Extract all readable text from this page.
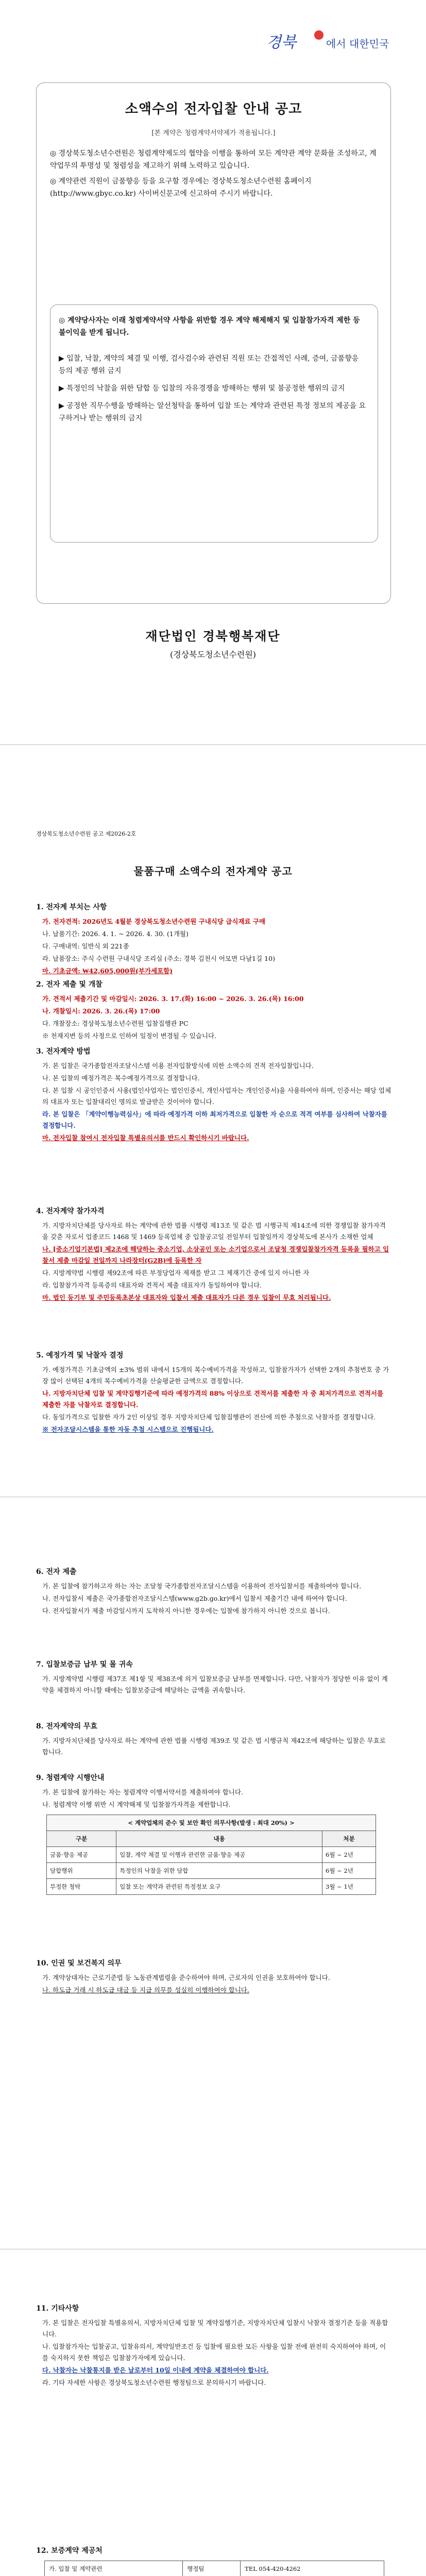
경북	에서 대한민국
소액수의 전자입찰 안내 공고
[본 계약은 청렴계약서약제가 적용됩니다.]

◎ 경상북도청소년수련원은 청렴계약제도의 협약을 이행을 통하여 모든 계약관 계약 문화를 조성하고, 계약업무의 투명성 및 청렴성을 제고하기 위해 노력하고 있습니다.

◎ 계약관련 직원이 금품향응 등을 요구할 경우에는 경상북도청소년수련원 홈페이지(http://www.gbyc.co.kr) 사이버신문고에 신고하여 주시기 바랍니다.

◎ 계약당사자는 이래 청렴계약서약 사항을 위반할 경우 계약 해제해지 및 입찰참가자격 제한 등 불이익을 받게 됩니다.
▶ 입찰, 낙찰, 계약의 체결 및 이행, 검사검수와 관련된 직원 또는 간접적인 사례, 증여, 금품향응 등의 제공 행위 금지
▶ 특정인의 낙찰을 위한 담합 등 입찰의 자유경쟁을 방해하는 행위 및 불공정한 행위의 금지
▶ 공정한 직무수행을 방해하는 알선청탁을 통하여 입찰 또는 계약과 관련된 특정 정보의 제공을 요구하거나 받는 행위의 금지
재단법인 경북행복재단
(경상북도청소년수련원)
경상북도청소년수련원 공고 제2026-2호
물품구매 소액수의 전자계약 공고
1. 전자계 부치는 사항
가. 전자견적: 2026년도 4월분 경상북도청소년수련원 구내식당 급식재료 구매
나. 납품기간: 2026. 4. 1. ~ 2026. 4. 30. (1개월)
다. 구매내역: 일반식 외 221종
라. 납품장소: 주식 수련원 구내식당 조리실 (주소: 경북 김천시 어모면 다남1길 10)
마. 기초금액: ₩42,605,000원(부가세포함)
2. 전자 제출 및 개찰
가. 견적서 제출기간 및 마감일시: 2026. 3. 17.(화) 16:00 ~ 2026. 3. 26.(목) 16:00
나. 개찰일시: 2026. 3. 26.(목) 17:00
다. 개찰장소: 경상북도청소년수련원 입찰집행관 PC
※ 천재지변 등의 사정으로 인하여 일정이 변경될 수 있습니다.
3. 전자계약 방법
가. 본 입찰은 국가종합전자조달시스템 이용 전자입찰방식에 의한 소액수의 견적 전자입찰입니다.
나. 본 입찰의 예정가격은 복수예정가격으로 결정합니다.
다. 본 입찰 시 공인인증서 사용(법인사업자는 법인인증서, 개인사업자는 개인인증서)을 사용하여야 하며, 인증서는 해당 업체의 대표자 또는 입찰대리인 명의로 발급받은 것이어야 합니다.
라. 본 입찰은 「계약이행능력심사」에 따라 예정가격 이하 최저가격으로 입찰한 자 순으로 적격 여부를 심사하여 낙찰자를 결정합니다.
마. 전자입찰 참여시 전자입찰 특별유의서를 반드시 확인하시기 바랍니다.
4. 전자계약 참가자격
가. 지방자치단체를 당사자로 하는 계약에 관한 법률 시행령 제13조 및 같은 법 시행규칙 제14조에 의한 경쟁입찰 참가자격을 갖춘 자로서 업종코드 1468 및 1469 등록업체 중 입찰공고일 전일부터 입찰일까지 경상북도에 본사가 소재한 업체
나. [중소기업기본법] 제2조에 해당하는 중소기업, 소상공인 또는 소기업으로서 조달청 경쟁입찰참가자격 등록을 필하고 입찰서 제출 마감일 전일까지 나라장터(G2B)에 등록한 자
다. 지방계약법 시행령 제92조에 따른 부정당업자 제재를 받고 그 제재기간 중에 있지 아니한 자
라. 입찰참가자격 등록증의 대표자와 견적서 제출 대표자가 동일하여야 합니다.
마. 법인 등기부 및 주민등록초본상 대표자와 입찰서 제출 대표자가 다른 경우 입찰이 무효 처리됩니다.
5. 예정가격 및 낙찰자 결정
가. 예정가격은 기초금액의 ±3% 범위 내에서 15개의 복수예비가격을 작성하고, 입찰참가자가 선택한 2개의 추첨번호 중 가장 많이 선택된 4개의 복수예비가격을 산술평균한 금액으로 결정합니다.
나. 지방자치단체 입찰 및 계약집행기준에 따라 예정가격의 88% 이상으로 견적서를 제출한 자 중 최저가격으로 견적서를 제출한 자를 낙찰자로 결정합니다.
다. 동일가격으로 입찰한 자가 2인 이상일 경우 지방자치단체 입찰집행관이 전산에 의한 추첨으로 낙찰자를 결정합니다.
※ 전자조달시스템을 통한 자동 추첨 시스템으로 진행됩니다.
6. 전자 제출
가. 본 입찰에 참가하고자 하는 자는 조달청 국가종합전자조달시스템을 이용하여 전자입찰서를 제출하여야 합니다.
나. 전자입찰서 제출은 국가종합전자조달시스템(www.g2b.go.kr)에서 입찰서 제출기간 내에 하여야 합니다.
다. 전자입찰서가 제출 마감일시까지 도착하지 아니한 경우에는 입찰에 참가하지 아니한 것으로 봅니다.
7. 입찰보증금 납부 및 몰 귀속
가. 지방계약법 시행령 제37조 제1항 및 제38조에 의거 입찰보증금 납부를 면제합니다. 다만, 낙찰자가 정당한 이유 없이 계약을 체결하지 아니할 때에는 입찰보증금에 해당하는 금액을 귀속합니다.
8. 전자계약의 무효
가. 지방자치단체를 당사자로 하는 계약에 관한 법률 시행령 제39조 및 같은 법 시행규칙 제42조에 해당하는 입찰은 무효로 합니다.
9. 청렴계약 시행안내
가. 본 입찰에 참가하는 자는 청렴계약 이행서약서를 제출하여야 합니다.
나. 청렴계약 이행 위반 시 계약해제 및 입찰참가자격을 제한합니다.
< 계약업체의 준수 및 보안 확인 의무사항(발생 : 최대 20%) >		
구분	내용	처분
금품·향응 제공	입찰, 계약 체결 및 이행과 관련한 금품·향응 제공	6월 ~ 2년
담합행위	특정인의 낙찰을 위한 담합	6월 ~ 2년
부정한 청탁	입찰 또는 계약과 관련된 특정정보 요구	3월 ~ 1년
10. 인권 및 보건복지 의무
가. 계약상대자는 근로기준법 등 노동관계법령을 준수하여야 하며, 근로자의 인권을 보호하여야 합니다.
나. 하도급 거래 시 하도급 대금 등 지급 의무를 성실히 이행하여야 합니다.
11. 기타사항
가. 본 입찰은 전자입찰 특별유의서, 지방자치단체 입찰 및 계약집행기준, 지방자치단체 입찰시 낙찰자 결정기준 등을 적용합니다.
나. 입찰참가자는 입찰공고, 입찰유의서, 계약일반조건 등 입찰에 필요한 모든 사항을 입찰 전에 완전히 숙지하여야 하며, 이를 숙지하지 못한 책임은 입찰참가자에게 있습니다.
다. 낙찰자는 낙찰통지를 받은 날로부터 10일 이내에 계약을 체결하여야 합니다.
라. 기타 자세한 사항은 경상북도청소년수련원 행정팀으로 문의하시기 바랍니다.
12. 보증계약 제공처
가. 입찰 및 계약관련	행정팀	TEL 054-420-4262
